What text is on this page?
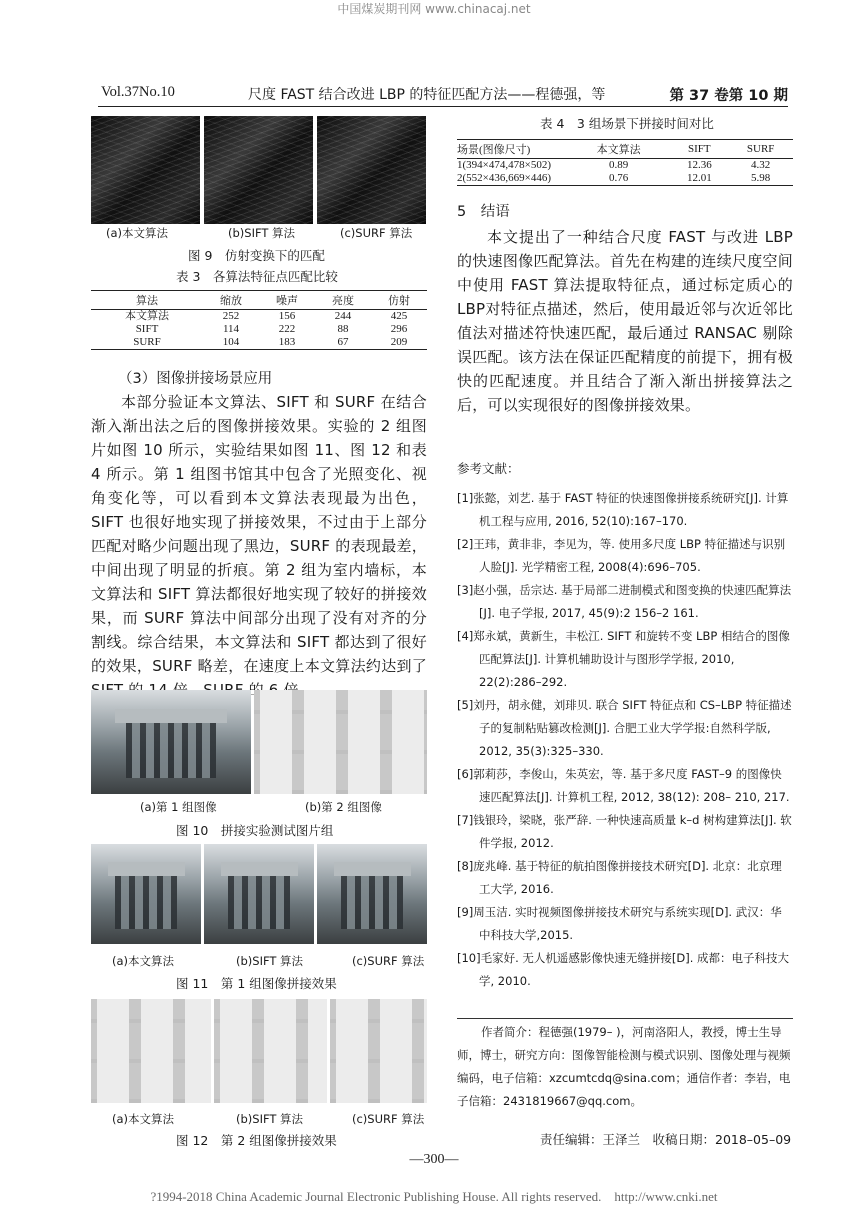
中国煤炭期刊网 www.chinacaj.net
Vol.37No.10	尺度 FAST 结合改进 LBP 的特征匹配方法——程德强，等	第 37 卷第 10 期
(a)本文算法	(b)SIFT 算法	(c)SURF 算法
图 9　仿射变换下的匹配
表 3　各算法特征点匹配比较
算法	缩放	噪声	亮度	仿射
本文算法	252	156	244	425
SIFT	114	222	88	296
SURF	104	183	67	209
（3）图像拼接场景应用
本部分验证本文算法、SIFT 和 SURF 在结合渐入渐出法之后的图像拼接效果。实验的 2 组图片如图 10 所示，实验结果如图 11、图 12 和表 4 所示。第 1 组图书馆其中包含了光照变化、视角变化等，可以看到本文算法表现最为出色，SIFT 也很好地实现了拼接效果，不过由于上部分匹配对略少问题出现了黑边，SURF 的表现最差，中间出现了明显的折痕。第 2 组为室内墙标，本文算法和 SIFT 算法都很好地实现了较好的拼接效果，而 SURF 算法中间部分出现了没有对齐的分割线。综合结果，本文算法和 SIFT 都达到了很好的效果，SURF 略差，在速度上本文算法约达到了
(a)第 1 组图像	(b)第 2 组图像
图 10　拼接实验测试图片组
(a)本文算法	(b)SIFT 算法	(c)SURF 算法
图 11　第 1 组图像拼接效果
(a)本文算法	(b)SIFT 算法	(c)SURF 算法
图 12　第 2 组图像拼接效果
表 4　3 组场景下拼接时间对比
场景(图像尺寸)	本文算法	SIFT	SURF
1(394×474,478×502)	0.89	12.36	4.32
2(552×436,669×446)	0.76	12.01	5.98
5　结语
本文提出了一种结合尺度 FAST 与改进 LBP 的快速图像匹配算法。首先在构建的连续尺度空间中使用 FAST 算法提取特征点，通过标定质心的 LBP对特征点描述，然后，使用最近邻与次近邻比值法对描述符快速匹配，最后通过 RANSAC 剔除误匹配。该方法在保证匹配精度的前提下，拥有极快的匹配速度。并且结合了渐入渐出拼接算法之后，可以实现很好的图像拼接效果。
参考文献：

[1]张懿，刘艺. 基于 FAST 特征的快速图像拼接系统研究[J]. 计算机工程与应用, 2016, 52(10):167–170.

[2]王玮，黄非非，李见为，等. 使用多尺度 LBP 特征描述与识别人脸[J]. 光学精密工程, 2008(4):696–705.

[3]赵小强，岳宗达. 基于局部二进制模式和图变换的快速匹配算法[J]. 电子学报, 2017, 45(9):2 156–2 161.

[4]郑永斌，黄新生，丰松江. SIFT 和旋转不变 LBP 相结合的图像匹配算法[J]. 计算机辅助设计与图形学学报, 2010, 22(2):286–292.

[5]刘丹，胡永健，刘琲贝. 联合 SIFT 特征点和 CS–LBP 特征描述子的复制粘贴篡改检测[J]. 合肥工业大学学报:自然科学版, 2012, 35(3):325–330.

[6]郭莉莎，李俊山，朱英宏，等. 基于多尺度 FAST–9 的图像快速匹配算法[J]. 计算机工程, 2012, 38(12): 208– 210, 217.

[7]钱银玲，梁晓，张严辞. 一种快速高质量 k–d 树构建算法[J]. 软件学报, 2012.

[8]庞兆峰. 基于特征的航拍图像拼接技术研究[D]. 北京：北京理工大学, 2016.

[9]周玉洁. 实时视频图像拼接技术研究与系统实现[D]. 武汉：华中科技大学,2015.

[10]毛家好. 无人机遥感影像快速无缝拼接[D]. 成都：电子科技大学, 2010.

作者简介：程德强(1979– )，河南洛阳人，教授，博士生导师，博士，研究方向：图像智能检测与模式识别、图像处理与视频编码，电子信箱：xzcumtcdq@sina.com；通信作者：李岩，电子信箱：2431819667@qq.com。
责任编辑：王泽兰　收稿日期：2018–05–09
—300—
?1994-2018 China Academic Journal Electronic Publishing House. All rights reserved.　http://www.cnki.net
